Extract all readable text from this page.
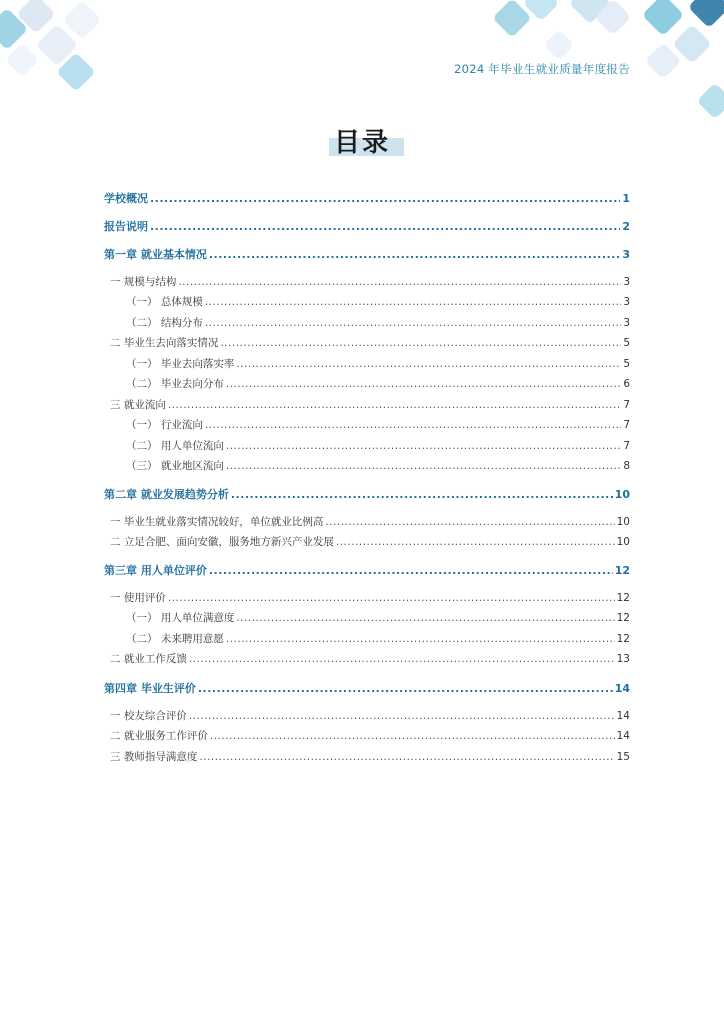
2024 年毕业生就业质量年度报告
目录
学校概况 .....	1
报告说明 .....	2
第一章 就业基本情况 .....	3
一 规模与结构 .....	3
（一） 总体规模 .....	3
（二） 结构分布 .....	3
二 毕业生去向落实情况 .....	5
（一） 毕业去向落实率 .....	5
（二） 毕业去向分布 .....	6
三 就业流向 .....	7
（一） 行业流向 .....	7
（二） 用人单位流向 .....	7
（三） 就业地区流向 .....	8
第二章 就业发展趋势分析 .....	10
一 毕业生就业落实情况较好，单位就业比例高 .....	10
二 立足合肥、面向安徽，服务地方新兴产业发展 .....	10
第三章 用人单位评价 .....	12
一 使用评价 .....	12
（一） 用人单位满意度 .....	12
（二） 未来聘用意愿 .....	12
二 就业工作反馈 .....	13
第四章 毕业生评价 .....	14
一 校友综合评价 .....	14
二 就业服务工作评价 .....	14
三 教师指导满意度 .....	15
